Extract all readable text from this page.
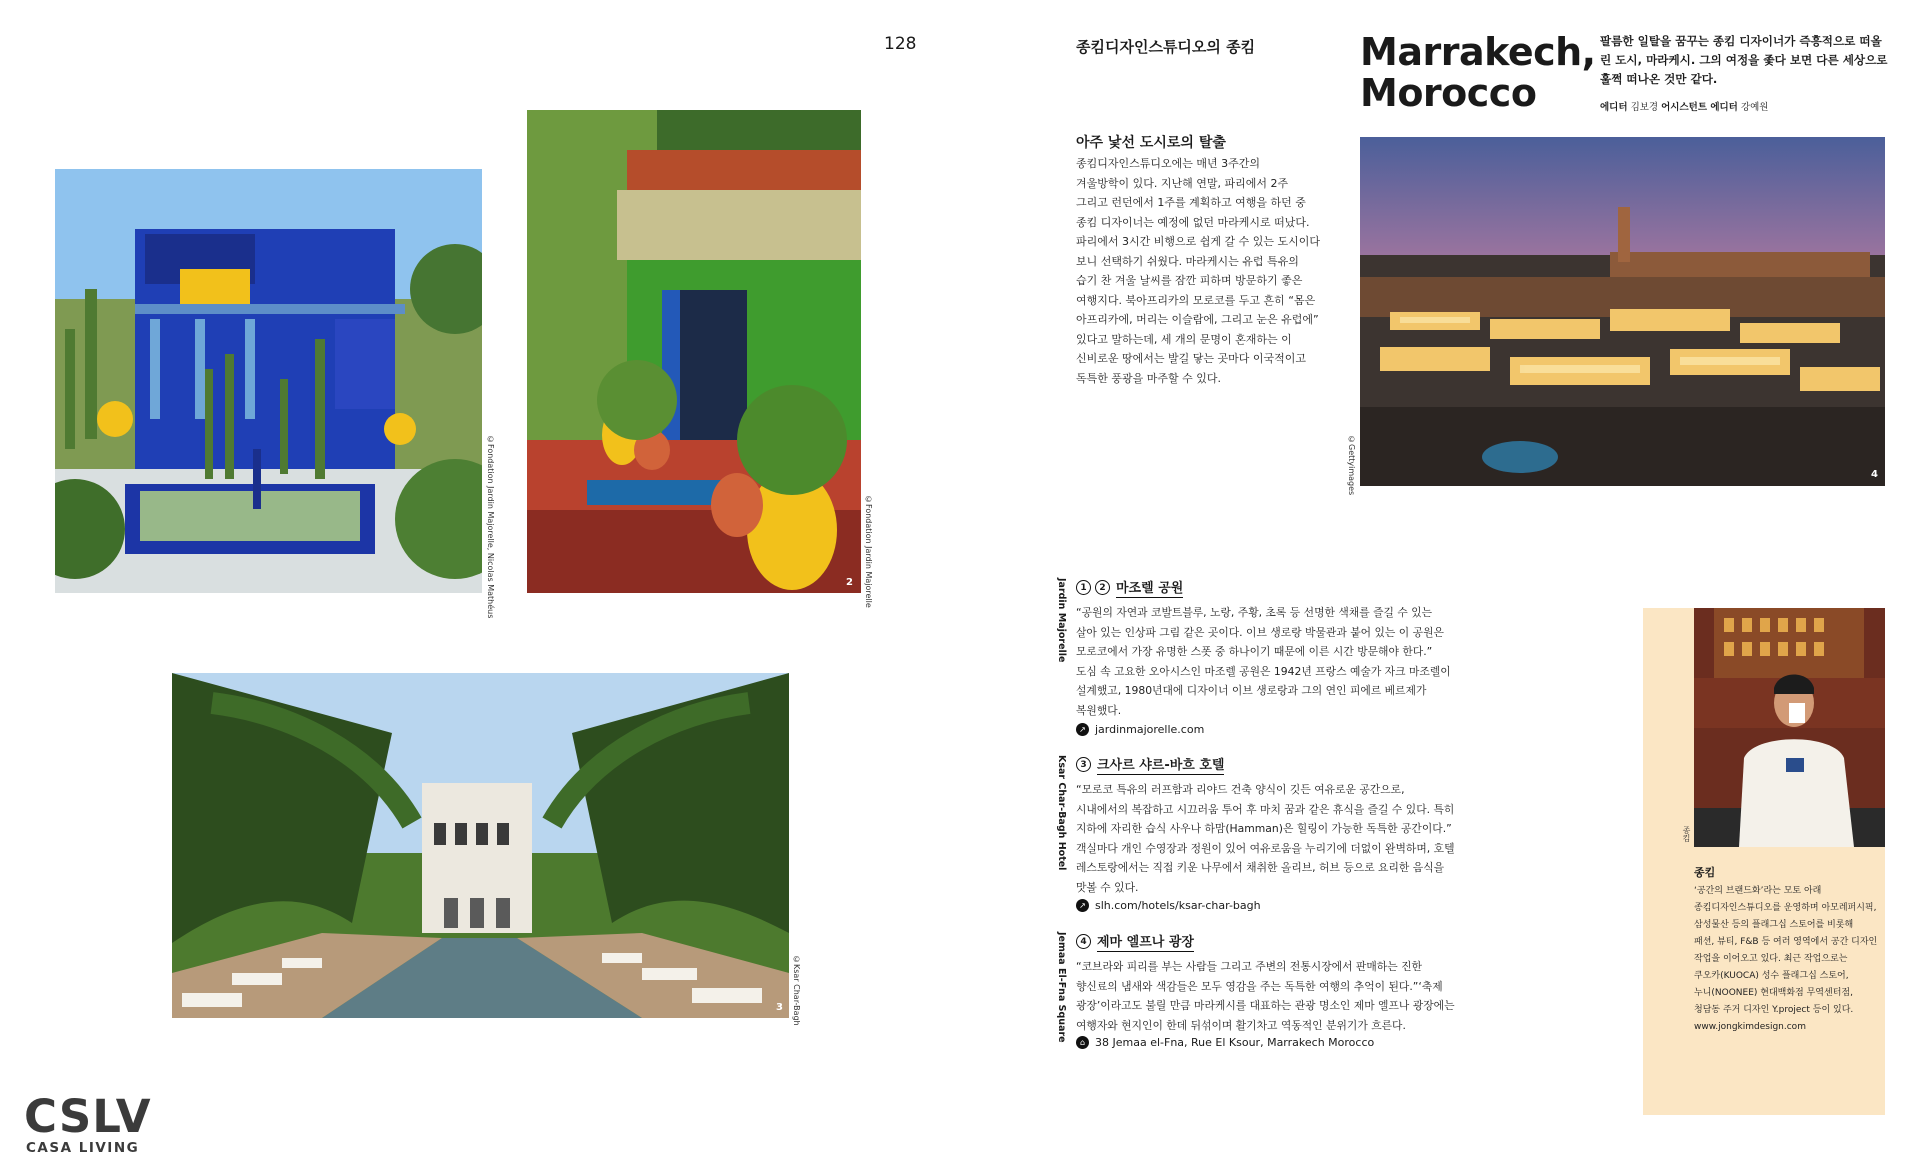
128
©Fondation Jardin Majorelle, Nicolas Mathéus	©Fondation Jardin Majorelle
2
©Ksar Char-Bagh
3
CSLV
CASA LIVING
종킴디자인스튜디오의 종킴	Marrakech,
Morocco
팔름한 일탈을 꿈꾸는 종킴 디자이너가 즉흥적으로 떠올
린 도시, 마라케시. 그의 여정을 좇다 보면 다른 세상으로
훌쩍 떠나온 것만 같다.
에디터 김보경 어시스턴트 에디터 강예원
아주 낯선 도시로의 탈출

종킴디자인스튜디오에는 매년 3주간의

겨울방학이 있다. 지난해 연말, 파리에서 2주

그리고 런던에서 1주를 계획하고 여행을 하던 중

종킴 디자이너는 예정에 없던 마라케시로 떠났다.

파리에서 3시간 비행으로 쉽게 갈 수 있는 도시이다

보니 선택하기 쉬웠다. 마라케시는 유럽 특유의

습기 찬 겨울 날씨를 잠깐 피하며 방문하기 좋은

여행지다. 북아프리카의 모로코를 두고 흔히 “몸은

아프리카에, 머리는 이슬람에, 그리고 눈은 유럽에”

있다고 말하는데, 세 개의 문명이 혼재하는 이

신비로운 땅에서는 발길 닿는 곳마다 이국적이고

독특한 풍광을 마주할 수 있다.

©Gettyimages	4
Jardin Majorelle	1	2 마조렐 공원

“공원의 자연과 코발트블루, 노랑, 주황, 초록 등 선명한 색채를 즐길 수 있는

살아 있는 인상파 그림 같은 곳이다. 이브 생로랑 박물관과 붙어 있는 이 공원은

모로코에서 가장 유명한 스폿 중 하나이기 때문에 이른 시간 방문해야 한다.”

도심 속 고요한 오아시스인 마조렐 공원은 1942년 프랑스 예술가 자크 마조렐이

설계했고, 1980년대에 디자이너 이브 생로랑과 그의 연인 피에르 베르제가

복원했다.

↗ jardinmajorelle.com
Ksar Char-Bagh Hotel	3 크사르 샤르-바흐 호텔

“모로코 특유의 러프함과 리야드 건축 양식이 깃든 여유로운 공간으로,

시내에서의 복잡하고 시끄러움 투어 후 마치 꿈과 같은 휴식을 즐길 수 있다. 특히

지하에 자리한 습식 사우나 하맘(Hamman)은 힐링이 가능한 독특한 공간이다.”

객실마다 개인 수영장과 정원이 있어 여유로움을 누리기에 더없이 완벽하며, 호텔

레스토랑에서는 직접 키운 나무에서 채취한 올리브, 허브 등으로 요리한 음식을

맛볼 수 있다.

↗ slh.com/hotels/ksar-char-bagh
Jemaa El-Fna Square	4 제마 엘프나 광장

“코브라와 피리를 부는 사람들 그리고 주변의 전통시장에서 판매하는 진한

향신료의 냄새와 색감들은 모두 영감을 주는 독특한 여행의 추억이 된다.”‘축제

광장’이라고도 불릴 만큼 마라케시를 대표하는 관광 명소인 제마 엘프나 광장에는

여행자와 현지인이 한데 뒤섞이며 활기차고 역동적인 분위기가 흐른다.

⌂ 38 Jemaa el-Fna, Rue El Ksour, Marrakech Morocco
종킴
종킴

‘공간의 브랜드화’라는 모토 아래

종킴디자인스튜디오를 운영하며 아모레퍼시픽,

삼성물산 등의 플래그십 스토어를 비롯해

패션, 뷰티, F&B 등 여러 영역에서 공간 디자인

작업을 이어오고 있다. 최근 작업으로는

쿠오카(KUOCA) 성수 플래그십 스토어,

누니(NOONEE) 현대백화점 무역센터점,

청담동 주거 디자인 Y.project 등이 있다.

www.jongkimdesign.com
